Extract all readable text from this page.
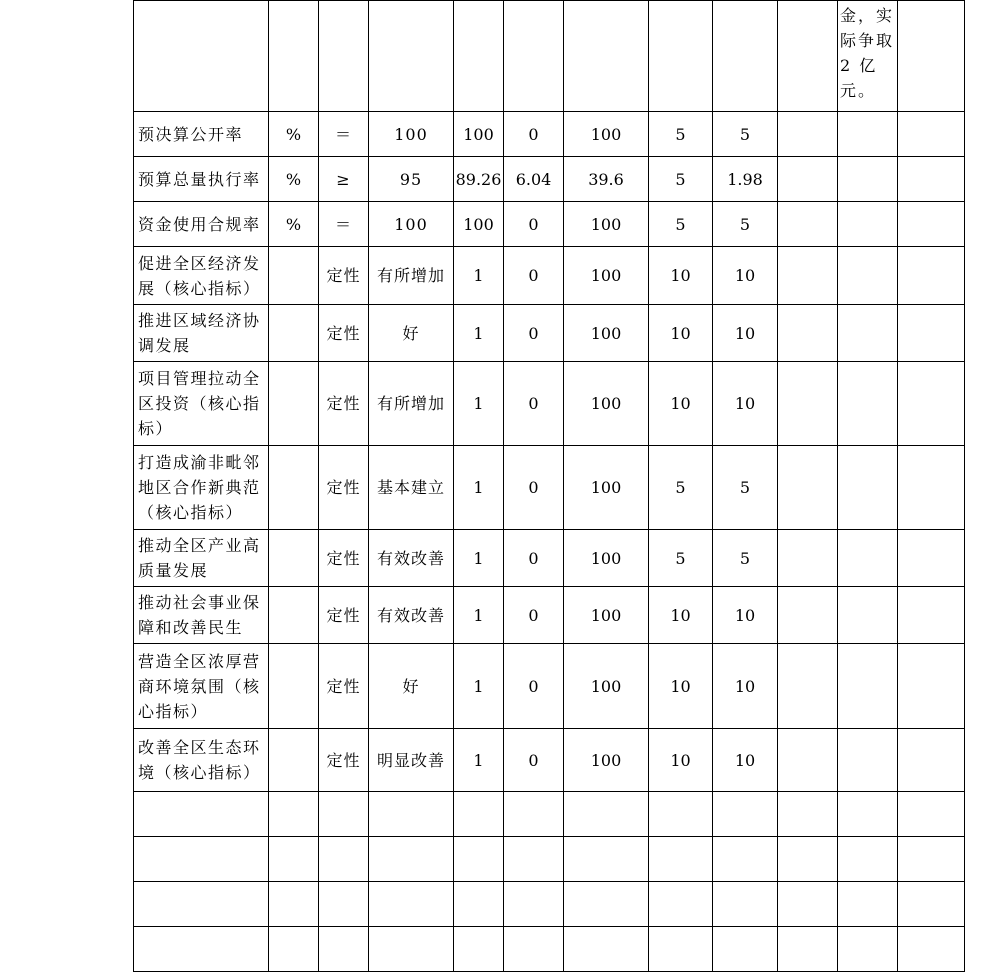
										金，实
际争取
2 亿
元。	

预决算公开率	%	＝	100	100	0	100	5	5			
预算总量执行率	%	≥	95	89.26	6.04	39.6	5	1.98			
资金使用合规率	%	＝	100	100	0	100	5	5			
促进全区经济发展（核心指标）		定性	有所增加	1	0	100	10	10			
推进区域经济协调发展		定性	好	1	0	100	10	10			
项目管理拉动全区投资（核心指标）		定性	有所增加	1	0	100	10	10			
打造成渝非毗邻地区合作新典范（核心指标）		定性	基本建立	1	0	100	5	5			
推动全区产业高质量发展		定性	有效改善	1	0	100	5	5			
推动社会事业保障和改善民生		定性	有效改善	1	0	100	10	10			
营造全区浓厚营商环境氛围（核心指标）		定性	好	1	0	100	10	10			
改善全区生态环境（核心指标）		定性	明显改善	1	0	100	10	10			
